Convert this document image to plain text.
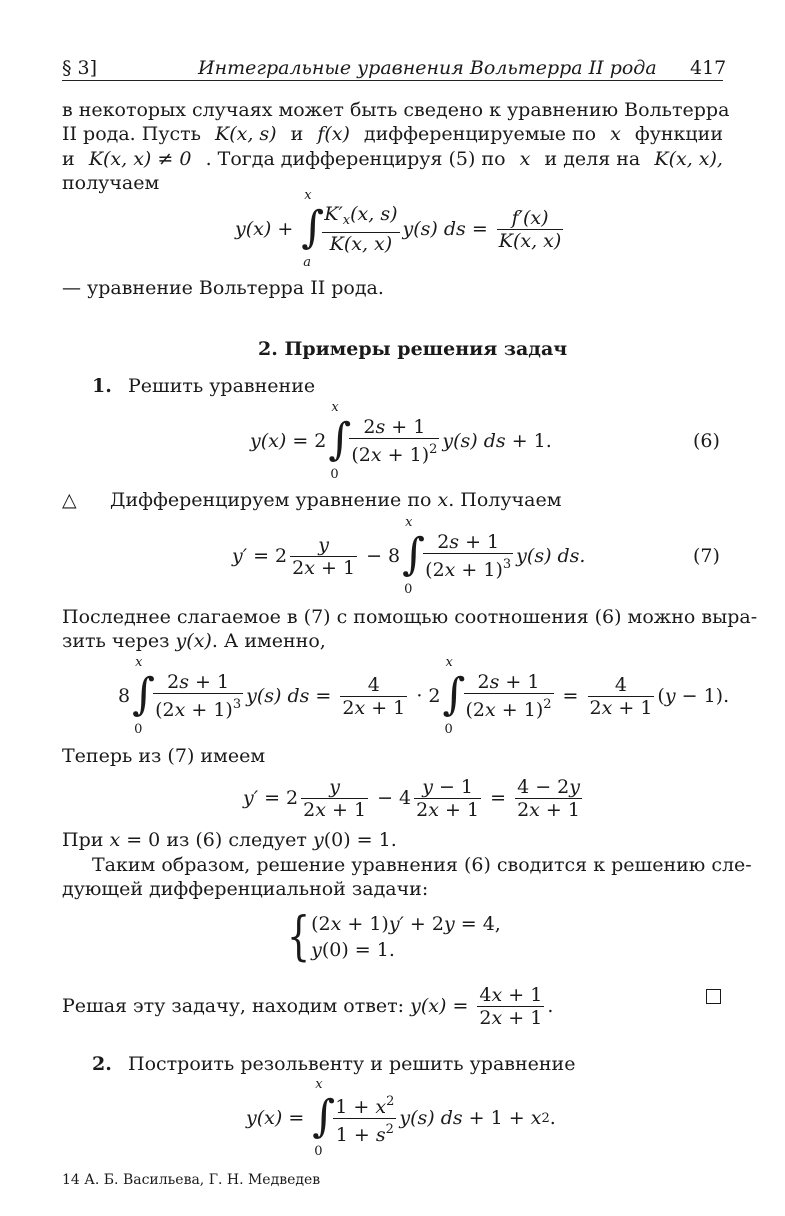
§ 3]	Интегральные уравнения Вольтерра II рода 417
в некоторых случаях может быть сведено к уравнению Вольтерра
II рода. Пусть K(x, s) и f(x) дифференцируемые по x функции
и K(x, x) ≠ 0 . Тогда дифференцируя (5) по x и деля на K(x, x),
получаем
y(x) +
x
∫
a
$\frac{K'_x(x, s)}{K(x, x)} y(s)$ ds = $\frac{f'(x)}{K(x, x)}$
— уравнение Вольтерра II рода.
2. Примеры решения задач
1. Решить уравнение
y(x) = 2
x
∫
0
$\frac{2s + 1}{(2x + 1)^2} y(s)$ ds + 1.	(6)
△ Дифференцируем уравнение по x. Получаем
$y' = 2 \frac{y}{2x + 1} - 8$
x
∫
0
$\frac{2s + 1}{(2x + 1)^3} y(s)$ ds.	(7)
Последнее слагаемое в (7) с помощью соотношения (6) можно выра-
зить через y(x). А именно,
8
x
∫
0
$\frac{2s + 1}{(2x + 1)^3} y(s)$ ds = $\frac{4}{2x + 1} \cdot 2$
x
∫
0
$\frac{2s + 1}{(2x + 1)^2} = \frac{4}{2x + 1}$ ( y − 1).
Теперь из (7) имеем
$y' = 2 \frac{y}{2x + 1} - 4 \frac{y - 1}{2x + 1} = \frac{4 - 2y}{2x + 1}$
При x = 0 из (6) следует y(0) = 1.
Таким образом, решение уравнения (6) сводится к решению сле-
дующей дифференциальной задачи:
{ (2x + 1)y′ + 2y = 4,
y(0) = 1.
Решая эту задачу, находим ответ:
$y(x) = \frac{4x + 1}{2x + 1}$ .
2. Построить резольвенту и решить уравнение
y(x) =
x
∫
0
$\frac{1 + x^2}{1 + s^2} y(s)$ ds + 1 + x 2 .
14 А. Б. Васильева, Г. Н. Медведев
